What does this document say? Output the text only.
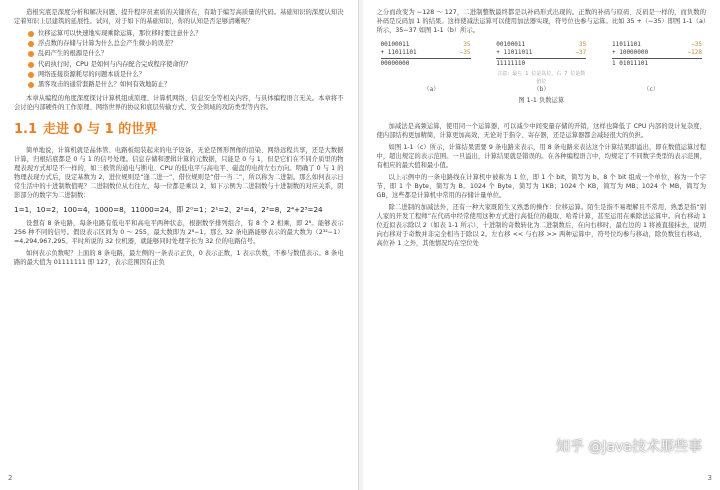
造根究底是深度分析和解决问题、提升程序员素质的关键所在，有助于编写高质量的代码。基础知识的深度认知决定着知识上层建筑的延展性。试问，对于如下的基础知识，你的认知是否足够清晰呢？

位移运算可以快速地实现乘除运算，那位移时要注意什么？
浮点数的存储与计算为什么总会产生微小的误差？
乱码产生的根源是什么？
代码执行时，CPU 是如何与内存配合完成程序使命的？
网络连接资源耗尽的问题本质是什么？
黑客攻击的通常套路是什么？如何有效地防止？

本章从编程的角度深度探讨计算机组成原理、计算机网络、信息安全等相关内容，与具体编程语言无关。本章将不会讨论内部硬件的工作原理、网络世界的协议和底层传输方式、安全领域的攻防类型等内容。

1.1 走进 0 与 1 的世界

简单地说，计算机就是晶体管、电路板组装起来的电子设备，无论是图形图像的渲染、网络远程共享，还是大数据计算，归根结底都是 0 与 1 的信号处理。信息存储和逻辑计算的元数据，只能是 0 与 1，但是它们在不同介质里的物理表现方式却是不一样的，如三极管的通电与断电、CPU 的低电平与高电平、磁盘的电荷左右方向。明确了 0 与 1 的物理表现方式后，设定基数为 2，进位规则是“逢二进一”，借位规则是“借一当二”，所以称为二进制。那么如何表示日常生活中的十进制数值呢？二进制数位从右往左，每一位都是乘以 2，如下示例为二进制数与十进制数的对应关系，阴影部分的数字为二进制数：

1=1，10=2，100=4，1000=8，11000=24，即 2⁰=1；2¹=2，2²=4，2³=8，2⁴+2³=24

设想有 8 条电路，每条电路有低电平和高电平两种状态，根据数学排列组合，有 8 个 2 相乘，即 2⁸。能够表示 256 种不同的信号。假设表示区间为 0 ～ 255，最大数即为 2⁸−1。那么 32 条电路能够表示的最大数为（2³²−1）=4,294,967,295。平时所说的 32 位机器，就能够同时处理字长为 32 位的电路信号。

如何表示负数呢？上面的 8 条电路，最左侧的一条表示正负，0 表示正数，1 表示负数，不参与数值表示。8 条电路的最大值为 01111111 即 127，表示范围因有正负

2

之分而改变为 −128 ～ 127，二进制整数最终都是以补码形式出现的。正数的补码与原码、反码是一样的，而负数的补码是反码加 1 的结果。这样使减法运算可以使用加法器实现，符号位也参与运算。比如 35 +（−35）即图 1-1（a）所示，35−37 如图 1-1（b）所示。

00100011	35
+ 11011101	−35
00000000
00100011	35
+ 11011011	−37
11111110
注意：最左 1 位是高位，右 7 位是数值位
11011101	−35
+ 10000000	−128
1 01011101
（a）	（b）	（c）
图 1-1 负数运算

加减法是高频运算，使用同一个运算器，可以减少中间变量存储的开销，这样也降低了 CPU 内部的设计复杂度，使内部结构更加精简，计算更加高效，无论对于指令、寄存器，还是运算器都会减轻很大的负担。

如图 1-1（c）所示，计算结果需要 9 条电路来表示，用 8 条电路来表达这个计算结果即溢出，即在数值运算过程中，超出规定的表示范围。一旦溢出，计算结果就是错误的。在各种编程语言中，均规定了不同数字类型的表示范围，有相应的最大值和最小值。

以上示例中的一条电路线在计算机中被称为 1 位，即 1 个 bit，简写为 b。8 个 bit 组成一个单位，称为一个字节，即 1 个 Byte，简写为 B。1024 个 Byte，简写为 1KB；1024 个 KB，简写为 MB；1024 个 MB，简写为 GB，这些都是计算机中常用的存储计量单位。

除二进制的加减法外，还有一种大家既陌生又熟悉的操作：位移运算。陌生是指不易理解且不常用，熟悉是指“别人家的开发工程师”在代码中经常使用这种方式进行高低位的截取、哈希计算，甚至运用在乘除法运算中。向右移动 1 位近似表示除以 2（如表 1-1 所示），十进制的奇数转化为二进制数后，在向右移时，最右边的 1 将被直接抹去，说明向右移对于奇数并非完全相当于除以 2。左右移 << 与右移 >> 两种运算中，符号位均参与移动，除负数往右移动，高位补 1 之外，其他情况均在空位处

知乎 @Java技术那些事
3
